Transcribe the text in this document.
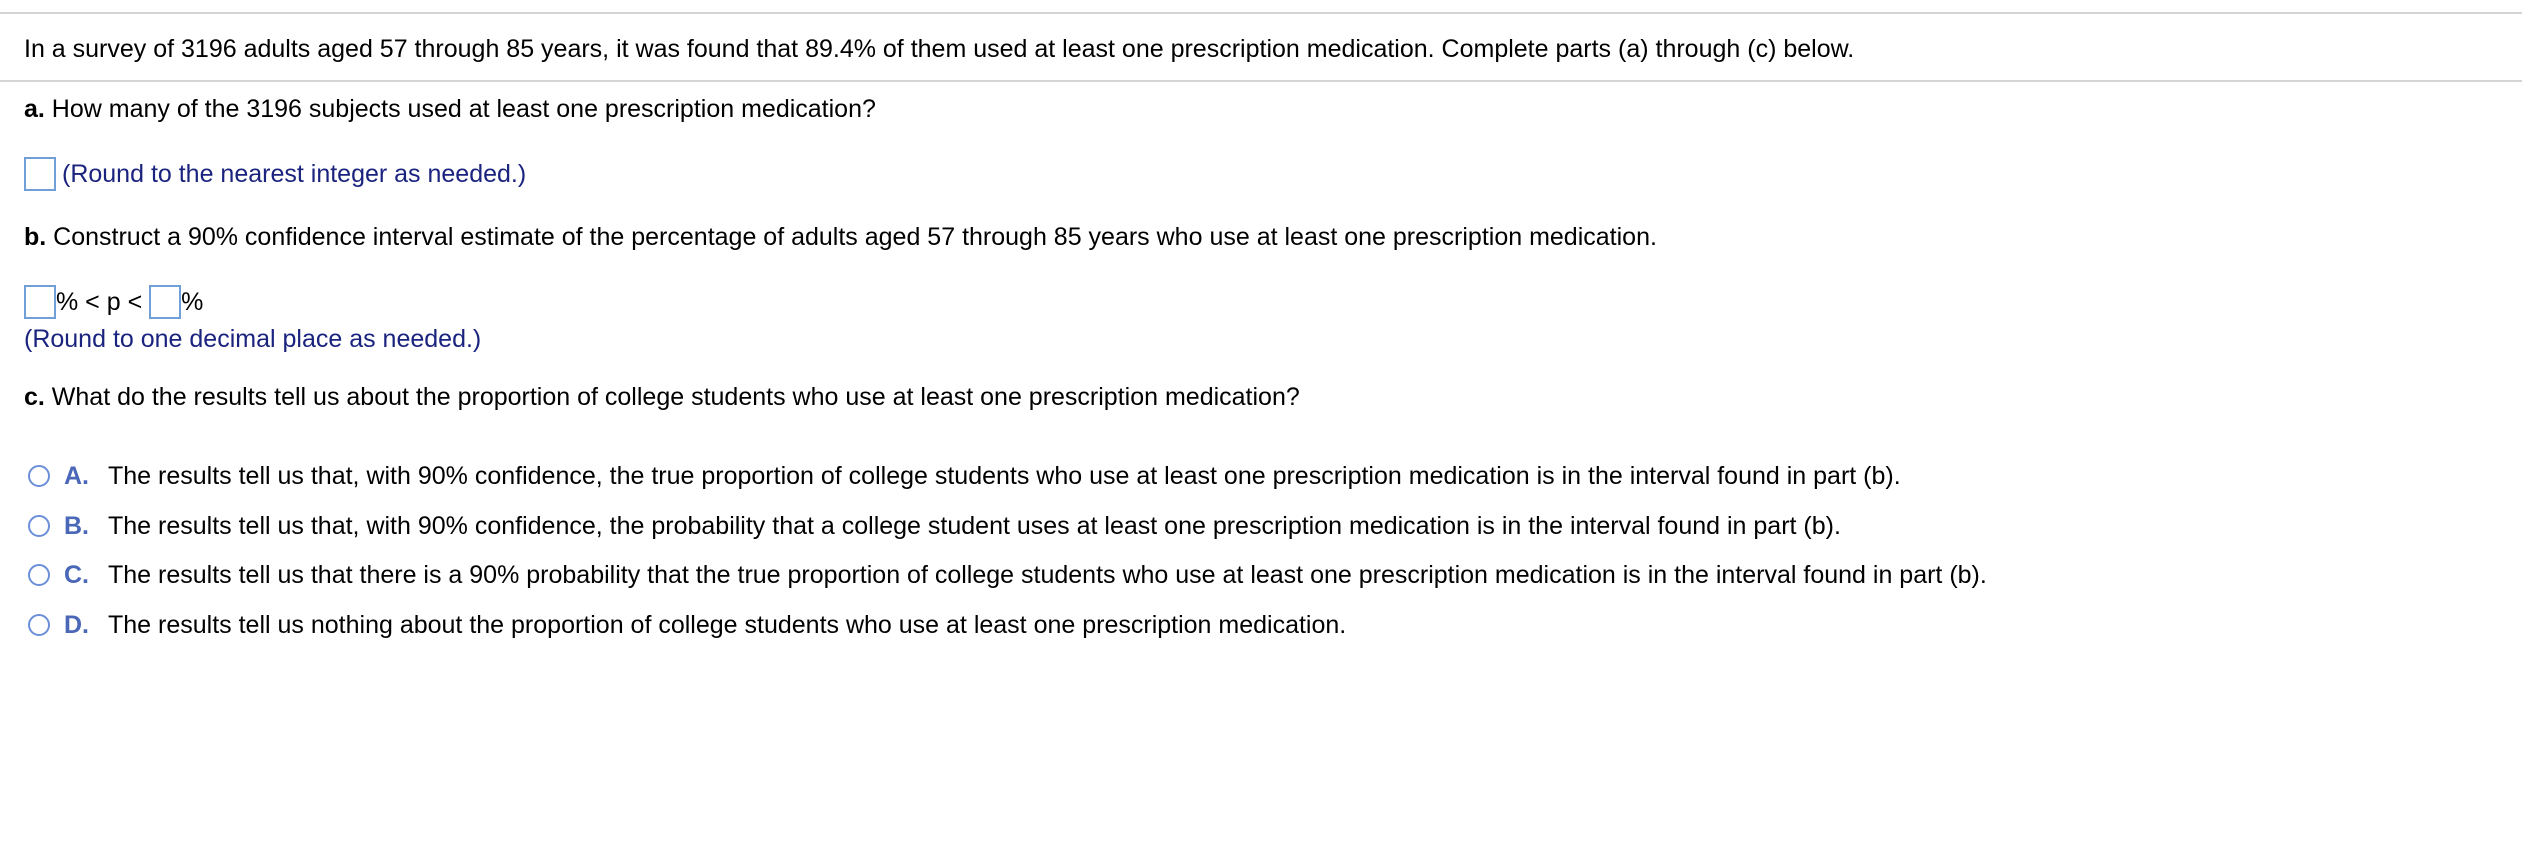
In a survey of 3196 adults aged 57 through 85 years, it was found that 89.4% of them used at least one prescription medication. Complete parts (a) through (c) below.
a. How many of the 3196 subjects used at least one prescription medication?
(Round to the nearest integer as needed.)
b. Construct a 90% confidence interval estimate of the percentage of adults aged 57 through 85 years who use at least one prescription medication.
% < p < %
(Round to one decimal place as needed.)
c. What do the results tell us about the proportion of college students who use at least one prescription medication?
A. The results tell us that, with 90% confidence, the true proportion of college students who use at least one prescription medication is in the interval found in part (b).
B. The results tell us that, with 90% confidence, the probability that a college student uses at least one prescription medication is in the interval found in part (b).
C. The results tell us that there is a 90% probability that the true proportion of college students who use at least one prescription medication is in the interval found in part (b).
D. The results tell us nothing about the proportion of college students who use at least one prescription medication.
